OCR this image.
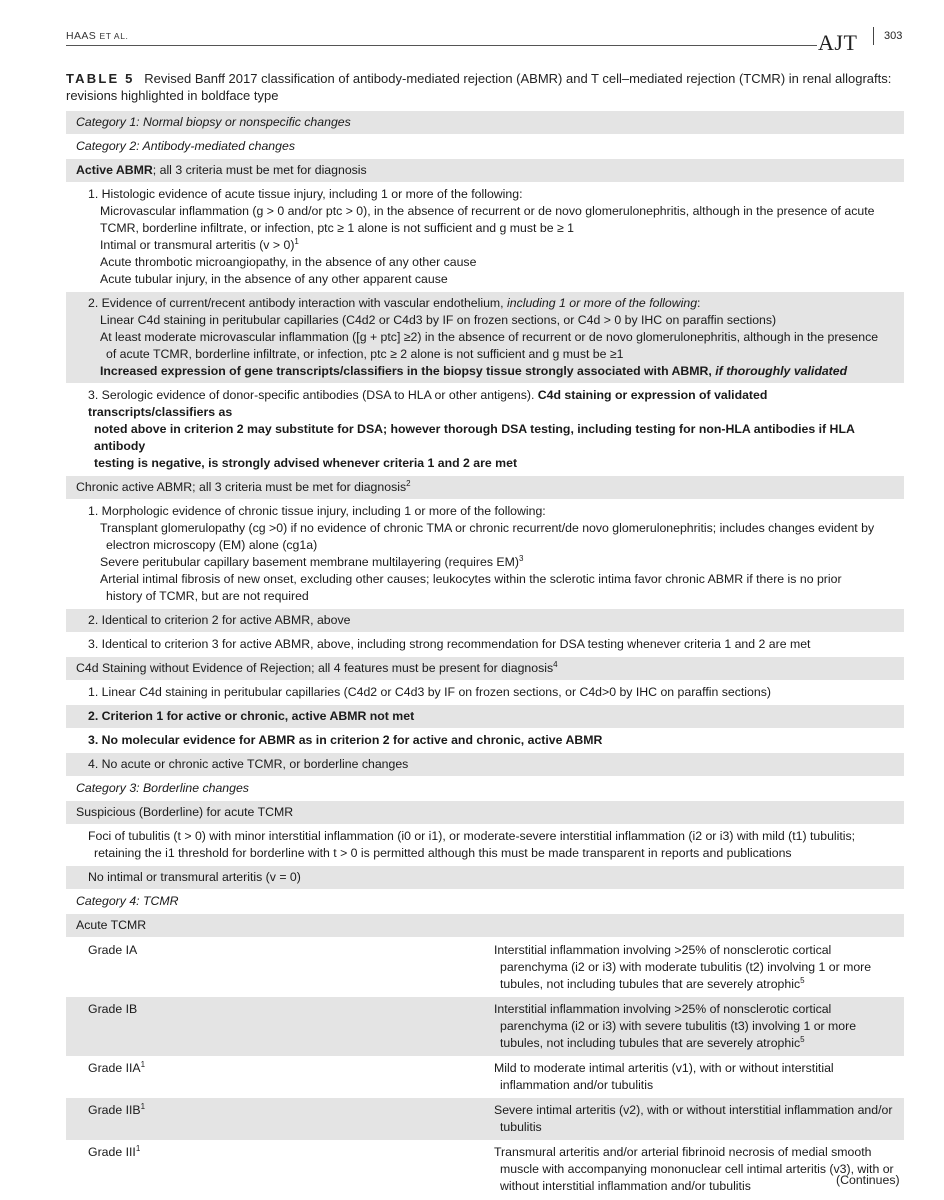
HAAS ET AL.	AJT 303
TABLE 5 Revised Banff 2017 classification of antibody-mediated rejection (ABMR) and T cell–mediated rejection (TCMR) in renal allografts: revisions highlighted in boldface type
Category 1: Normal biopsy or nonspecific changes
Category 2: Antibody-mediated changes
Active ABMR; all 3 criteria must be met for diagnosis
1. Histologic evidence of acute tissue injury, including 1 or more of the following:
Microvascular inflammation (g > 0 and/or ptc > 0), in the absence of recurrent or de novo glomerulonephritis, although in the presence of acute
TCMR, borderline infiltrate, or infection, ptc ≥ 1 alone is not sufficient and g must be ≥ 1
Intimal or transmural arteritis (v > 0)$^1$
Acute thrombotic microangiopathy, in the absence of any other cause
Acute tubular injury, in the absence of any other apparent cause
2. Evidence of current/recent antibody interaction with vascular endothelium, including 1 or more of the following:
Linear C4d staining in peritubular capillaries (C4d2 or C4d3 by IF on frozen sections, or C4d > 0 by IHC on paraffin sections)
At least moderate microvascular inflammation ([g + ptc] ≥2) in the absence of recurrent or de novo glomerulonephritis, although in the presence
of acute TCMR, borderline infiltrate, or infection, ptc ≥ 2 alone is not sufficient and g must be ≥1
Increased expression of gene transcripts/classifiers in the biopsy tissue strongly associated with ABMR, if thoroughly validated
3. Serologic evidence of donor-specific antibodies (DSA to HLA or other antigens). C4d staining or expression of validated transcripts/classifiers as
noted above in criterion 2 may substitute for DSA; however thorough DSA testing, including testing for non-HLA antibodies if HLA antibody
testing is negative, is strongly advised whenever criteria 1 and 2 are met
Chronic active ABMR; all 3 criteria must be met for diagnosis$^2$
1. Morphologic evidence of chronic tissue injury, including 1 or more of the following:
Transplant glomerulopathy (cg >0) if no evidence of chronic TMA or chronic recurrent/de novo glomerulonephritis; includes changes evident by
electron microscopy (EM) alone (cg1a)
Severe peritubular capillary basement membrane multilayering (requires EM)$^3$
Arterial intimal fibrosis of new onset, excluding other causes; leukocytes within the sclerotic intima favor chronic ABMR if there is no prior
history of TCMR, but are not required
2. Identical to criterion 2 for active ABMR, above
3. Identical to criterion 3 for active ABMR, above, including strong recommendation for DSA testing whenever criteria 1 and 2 are met
C4d Staining without Evidence of Rejection; all 4 features must be present for diagnosis$^4$
1. Linear C4d staining in peritubular capillaries (C4d2 or C4d3 by IF on frozen sections, or C4d>0 by IHC on paraffin sections)
2. Criterion 1 for active or chronic, active ABMR not met
3. No molecular evidence for ABMR as in criterion 2 for active and chronic, active ABMR
4. No acute or chronic active TCMR, or borderline changes
Category 3: Borderline changes
Suspicious (Borderline) for acute TCMR
Foci of tubulitis (t > 0) with minor interstitial inflammation (i0 or i1), or moderate-severe interstitial inflammation (i2 or i3) with mild (t1) tubulitis;
retaining the i1 threshold for borderline with t > 0 is permitted although this must be made transparent in reports and publications
No intimal or transmural arteritis (v = 0)
Category 4: TCMR
Acute TCMR
Grade IA	Interstitial inflammation involving >25% of nonsclerotic cortical parenchyma (i2 or i3) with moderate tubulitis (t2) involving 1 or more tubules, not including tubules that are severely atrophic$^5$
Grade IB	Interstitial inflammation involving >25% of nonsclerotic cortical parenchyma (i2 or i3) with severe tubulitis (t3) involving 1 or more tubules, not including tubules that are severely atrophic$^5$
Grade IIA$^1$	Mild to moderate intimal arteritis (v1), with or without interstitial inflammation and/or tubulitis
Grade IIB$^1$	Severe intimal arteritis (v2), with or without interstitial inflammation and/or tubulitis
Grade III$^1$	Transmural arteritis and/or arterial fibrinoid necrosis of medial smooth muscle with accompanying mononuclear cell intimal arteritis (v3), with or without interstitial inflammation and/or tubulitis	(Continues)
